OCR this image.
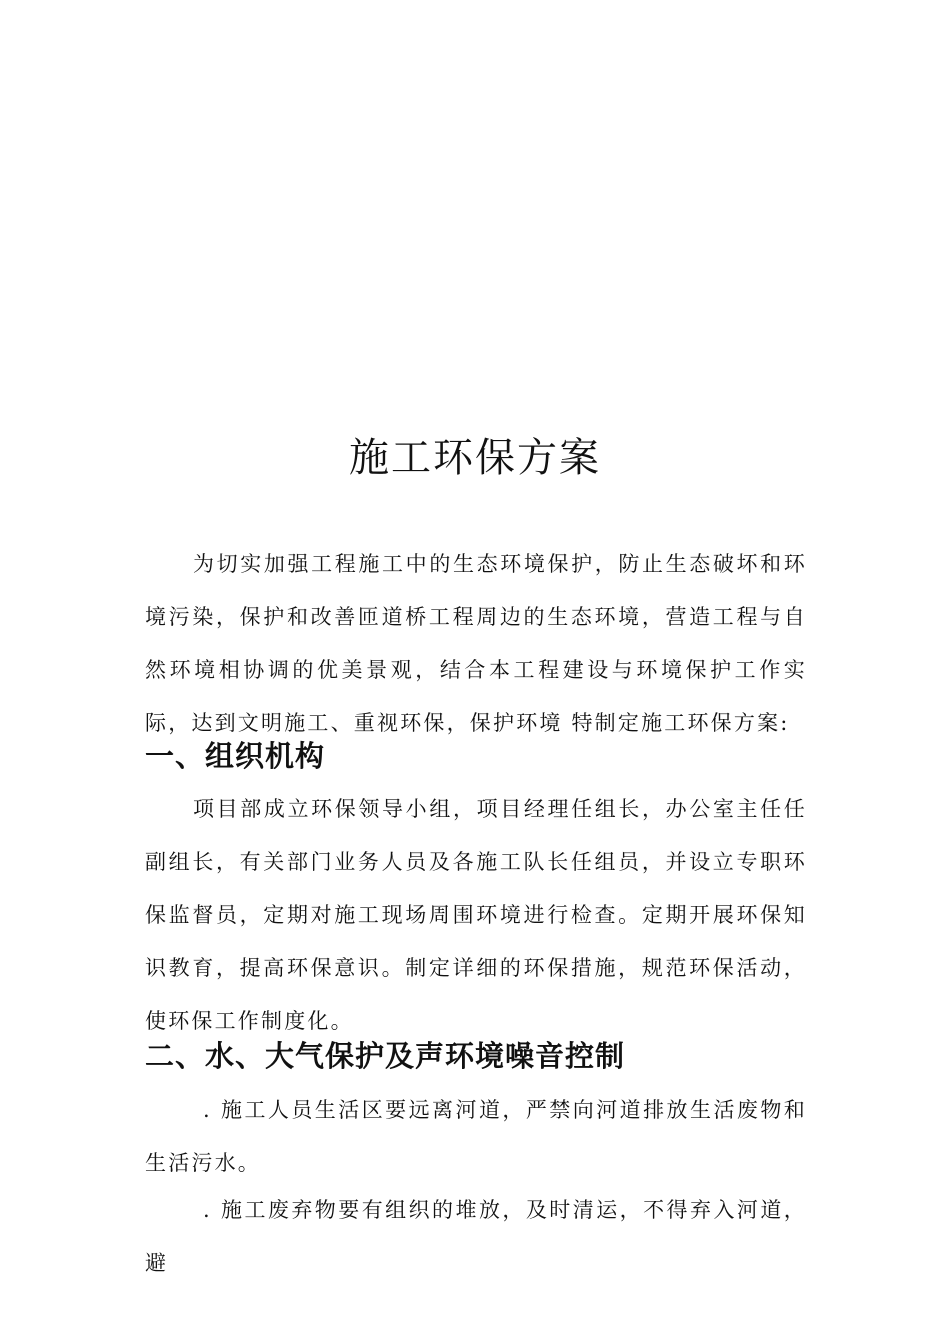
施工环保方案

为切实加强工程施工中的生态环境保护，防止生态破坏和环境污染，保护和改善匝道桥工程周边的生态环境，营造工程与自然环境相协调的优美景观，结合本工程建设与环境保护工作实际，达到文明施工、重视环保，保护环境 特制定施工环保方案:

一、组织机构

项目部成立环保领导小组，项目经理任组长，办公室主任任副组长，有关部门业务人员及各施工队长任组员，并设立专职环保监督员，定期对施工现场周围环境进行检查。定期开展环保知识教育，提高环保意识。制定详细的环保措施，规范环保活动，使环保工作制度化。

二、水、大气保护及声环境噪音控制

. 施工人员生活区要远离河道，严禁向河道排放生活废物和生活污水。

. 施工废弃物要有组织的堆放，及时清运，不得弃入河道，避
